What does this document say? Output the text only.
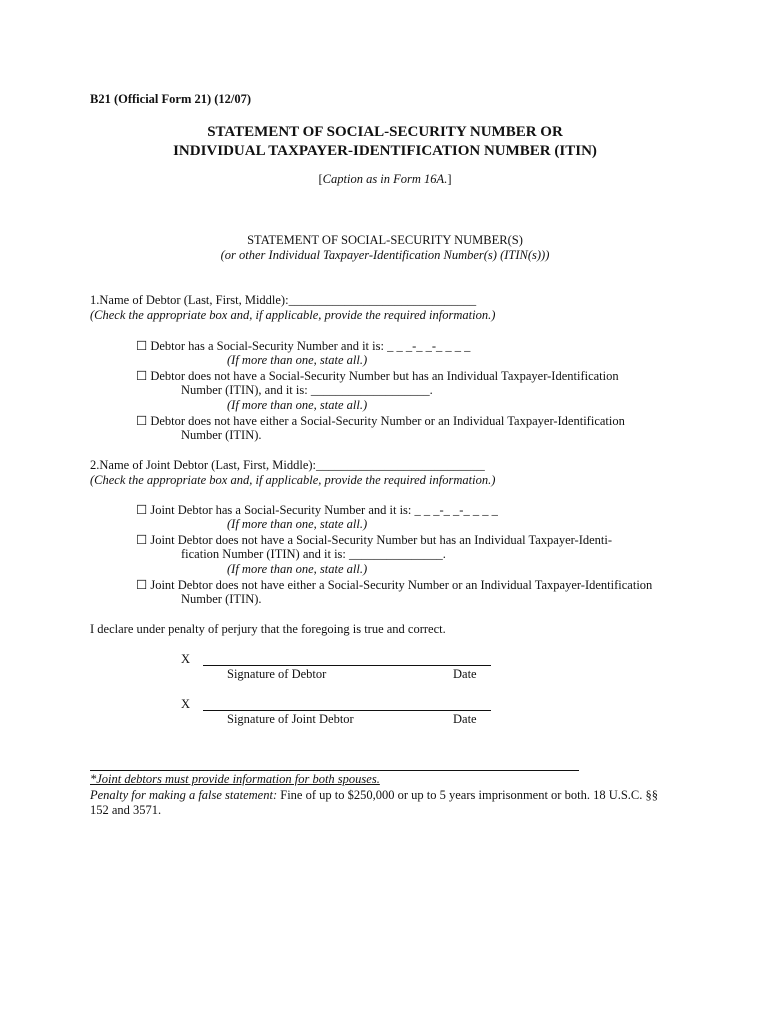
B21 (Official Form 21) (12/07)
STATEMENT OF SOCIAL-SECURITY NUMBER OR
INDIVIDUAL TAXPAYER-IDENTIFICATION NUMBER (ITIN)
[Caption as in Form 16A.]
STATEMENT OF SOCIAL-SECURITY NUMBER(S)
(or other Individual Taxpayer-Identification Number(s) (ITIN(s)))
1.Name of Debtor (Last, First, Middle):______________________________
(Check the appropriate box and, if applicable, provide the required information.)
☐ Debtor has a Social-Security Number and it is: _ _ _-_ _-_ _ _ _
(If more than one, state all.)
☐ Debtor does not have a Social-Security Number but has an Individual Taxpayer-Identification
Number (ITIN), and it is: ___________________.
(If more than one, state all.)
☐ Debtor does not have either a Social-Security Number or an Individual Taxpayer-Identification
Number (ITIN).
2.Name of Joint Debtor (Last, First, Middle):___________________________
(Check the appropriate box and, if applicable, provide the required information.)
☐ Joint Debtor has a Social-Security Number and it is: _ _ _-_ _-_ _ _ _
(If more than one, state all.)
☐ Joint Debtor does not have a Social-Security Number but has an Individual Taxpayer-Identi-
fication Number (ITIN) and it is: _______________.
(If more than one, state all.)
☐ Joint Debtor does not have either a Social-Security Number or an Individual Taxpayer-Identification
Number (ITIN).
I declare under penalty of perjury that the foregoing is true and correct.
X
Signature of Debtor	Date
X
Signature of Joint Debtor	Date
*Joint debtors must provide information for both spouses.
Penalty for making a false statement: Fine of up to $250,000 or up to 5 years imprisonment or both. 18 U.S.C. §§
152 and 3571.
